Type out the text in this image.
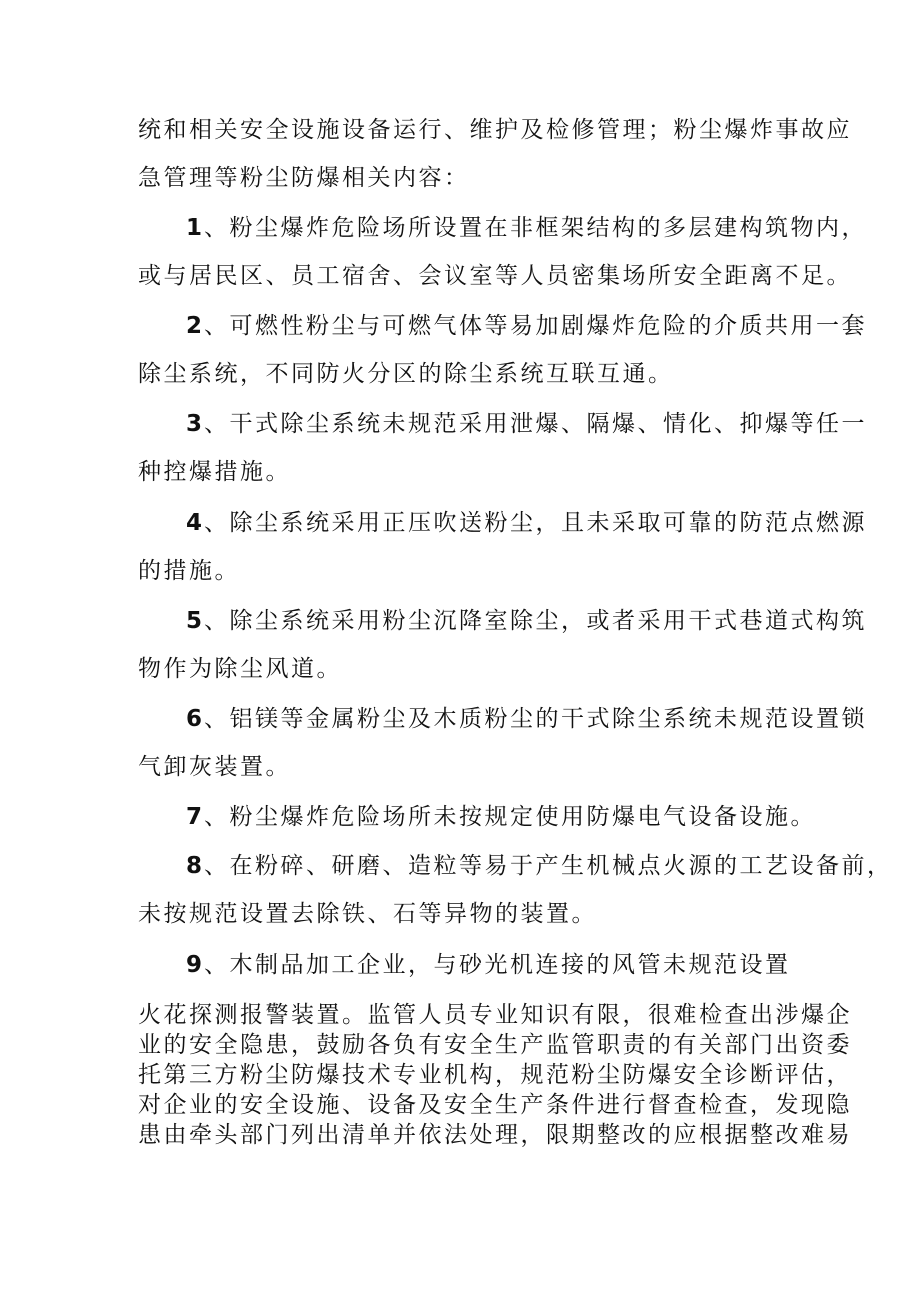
统和相关安全设施设备运行、维护及检修管理；粉尘爆炸事故应
急管理等粉尘防爆相关内容：

1、粉尘爆炸危险场所设置在非框架结构的多层建构筑物内，
或与居民区、员工宿舍、会议室等人员密集场所安全距离不足。

2、可燃性粉尘与可燃气体等易加剧爆炸危险的介质共用一套
除尘系统，不同防火分区的除尘系统互联互通。

3、干式除尘系统未规范采用泄爆、隔爆、情化、抑爆等任一
种控爆措施。

4、除尘系统采用正压吹送粉尘，且未采取可靠的防范点燃源
的措施。

5、除尘系统采用粉尘沉降室除尘，或者采用干式巷道式构筑
物作为除尘风道。

6、铝镁等金属粉尘及木质粉尘的干式除尘系统未规范设置锁
气卸灰装置。

7、粉尘爆炸危险场所未按规定使用防爆电气设备设施。

8、在粉碎、研磨、造粒等易于产生机械点火源的工艺设备前，
未按规范设置去除铁、石等异物的装置。

9、木制品加工企业，与砂光机连接的风管未规范设置

火花探测报警装置。监管人员专业知识有限，很难检查出涉爆企
业的安全隐患，鼓励各负有安全生产监管职责的有关部门出资委
托第三方粉尘防爆技术专业机构，规范粉尘防爆安全诊断评估，
对企业的安全设施、设备及安全生产条件进行督查检查，发现隐
患由牵头部门列出清单并依法处理，限期整改的应根据整改难易
